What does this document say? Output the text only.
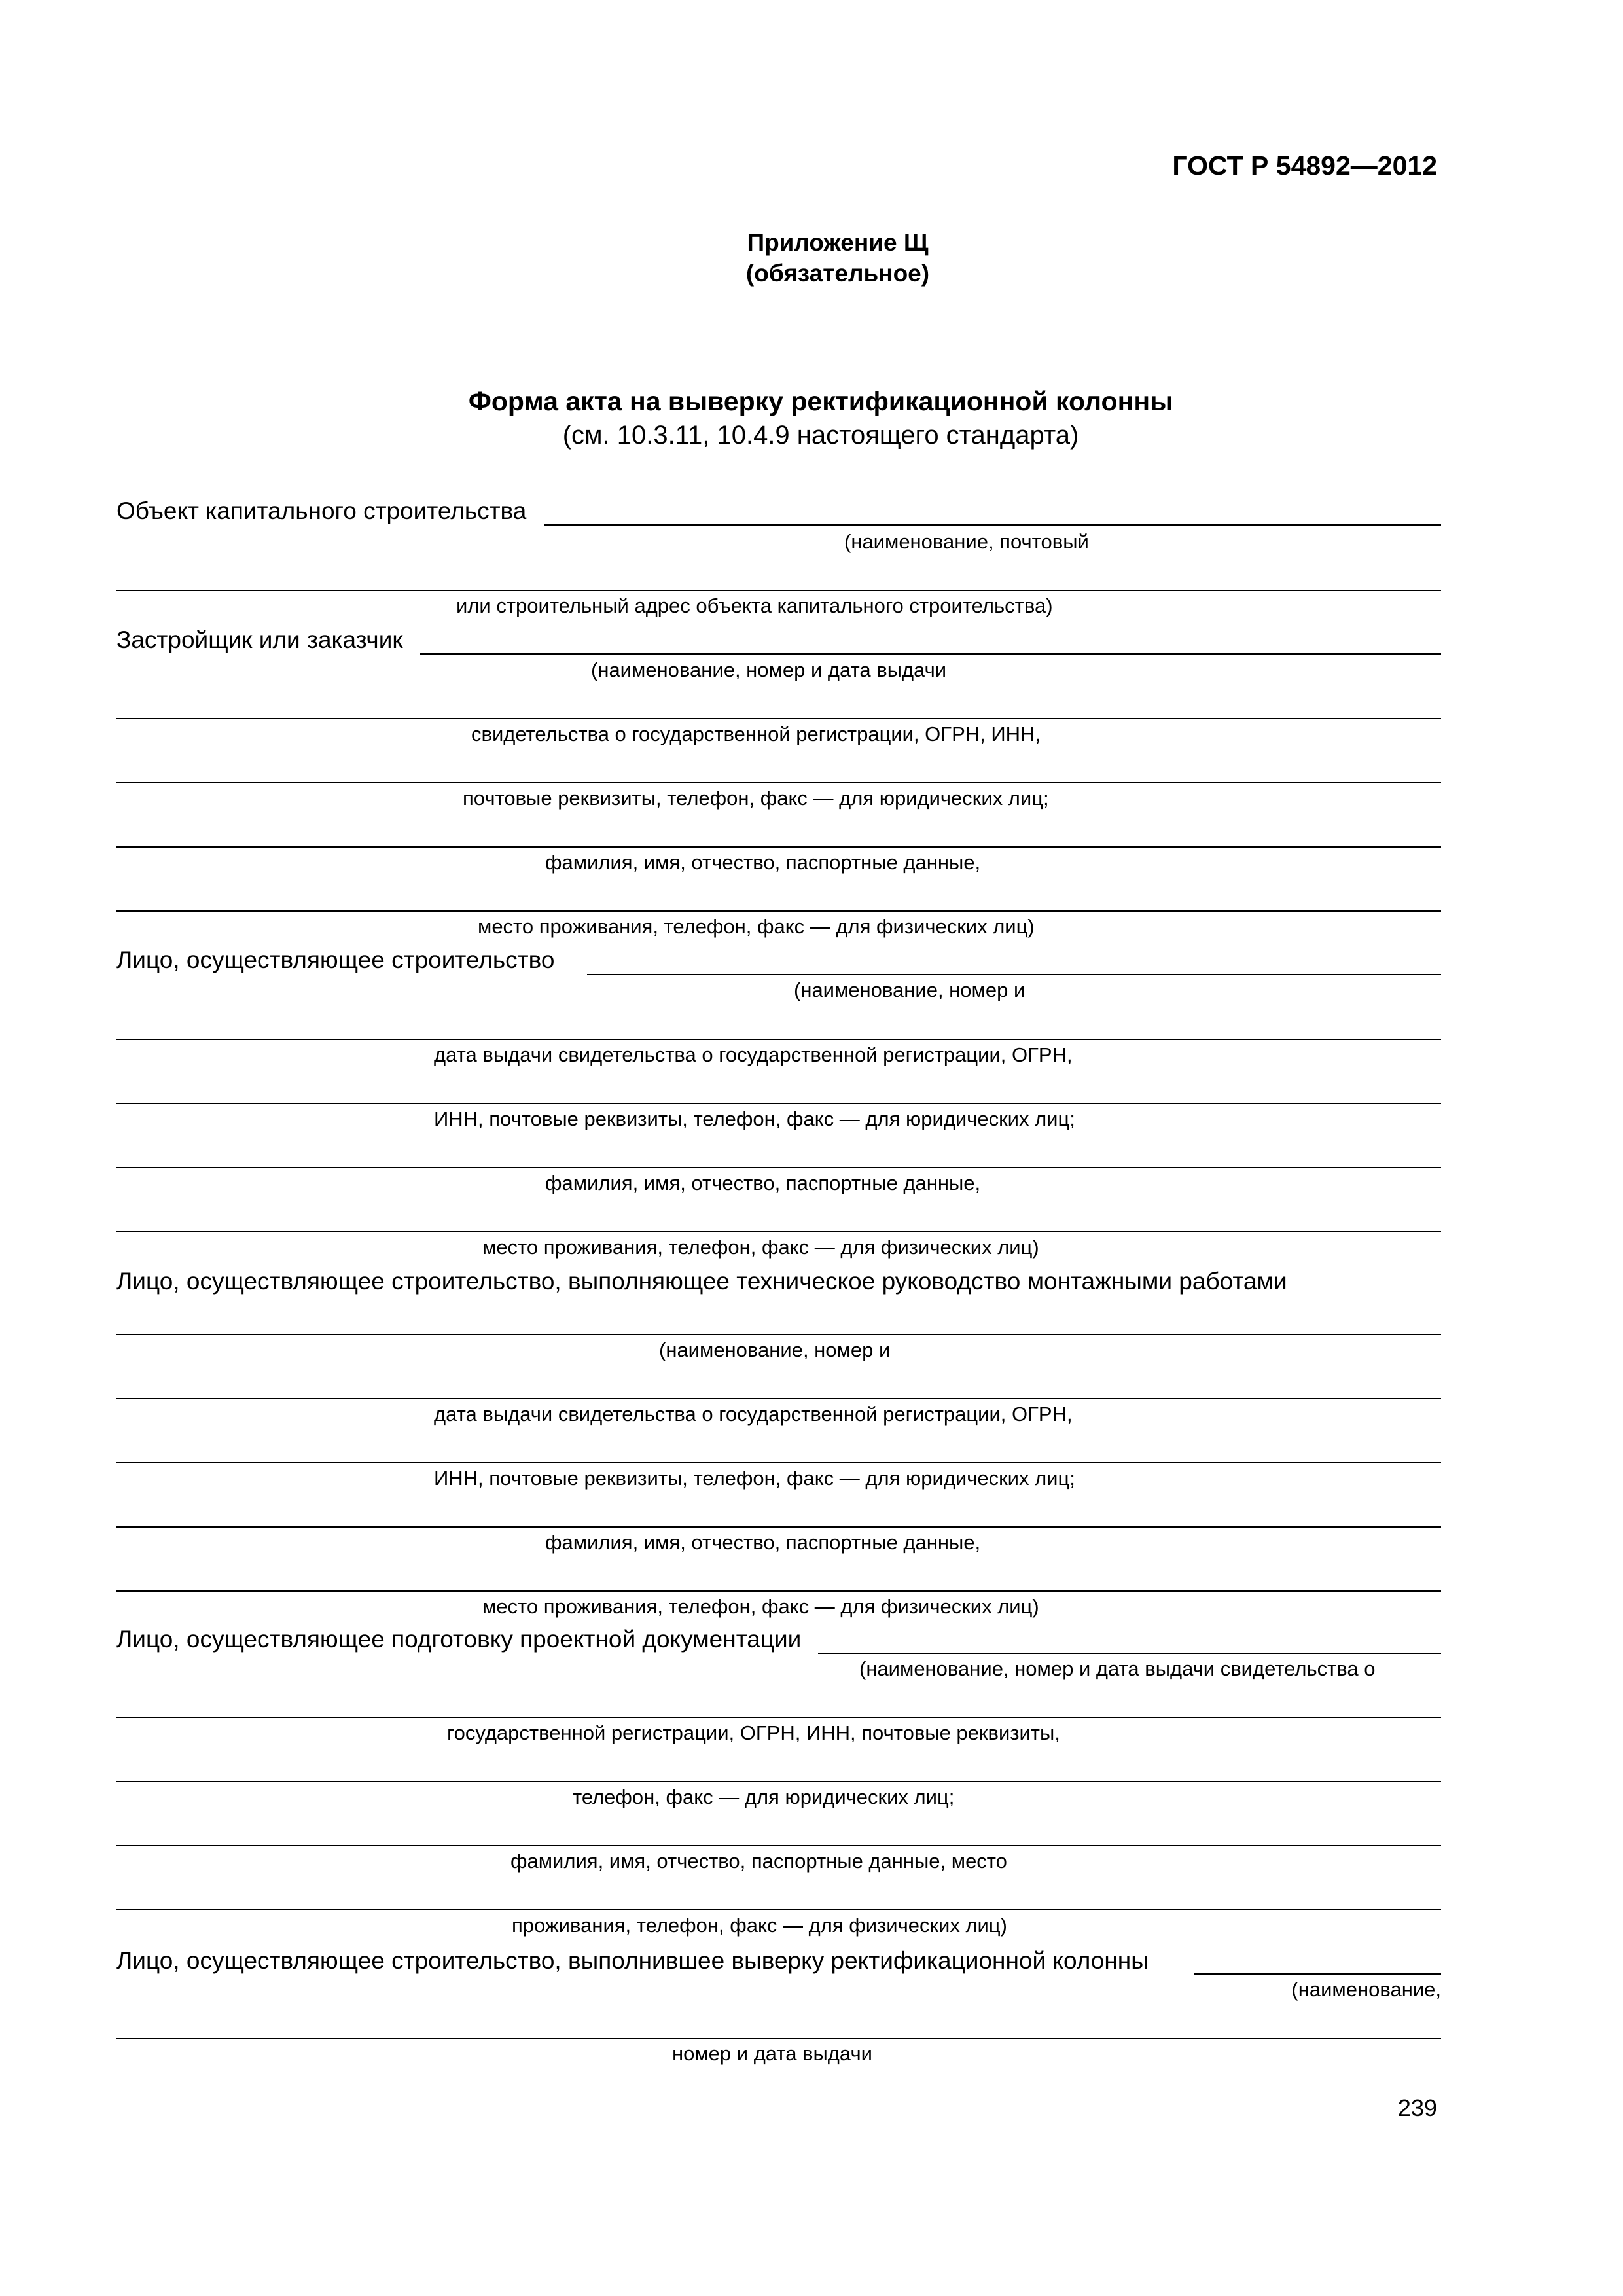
ГОСТ Р 54892—2012
Приложение Щ
(обязательное)
Форма акта на выверку ректификационной колонны
(см. 10.3.11, 10.4.9 настоящего стандарта)
Объект капитального строительства
(наименование, почтовый
или строительный адрес объекта капитального строительства)
Застройщик или заказчик
(наименование, номер и дата выдачи
свидетельства о государственной регистрации, ОГРН, ИНН,
почтовые реквизиты, телефон, факс — для юридических лиц;
фамилия, имя, отчество, паспортные данные,
место проживания, телефон, факс — для физических лиц)
Лицо, осуществляющее строительство
(наименование, номер и
дата выдачи свидетельства о государственной регистрации, ОГРН,
ИНН, почтовые реквизиты, телефон, факс — для юридических лиц;
фамилия, имя, отчество, паспортные данные,
место проживания, телефон, факс — для физических лиц)
Лицо, осуществляющее строительство, выполняющее техническое руководство монтажными работами
(наименование, номер и
дата выдачи свидетельства о государственной регистрации, ОГРН,
ИНН, почтовые реквизиты, телефон, факс — для юридических лиц;
фамилия, имя, отчество, паспортные данные,
место проживания, телефон, факс — для физических лиц)
Лицо, осуществляющее подготовку проектной документации
(наименование, номер и дата выдачи свидетельства о
государственной регистрации, ОГРН, ИНН, почтовые реквизиты,
телефон, факс — для юридических лиц;
фамилия, имя, отчество, паспортные данные, место
проживания, телефон, факс — для физических лиц)
Лицо, осуществляющее строительство, выполнившее выверку ректификационной колонны
(наименование,
номер и дата выдачи
239
